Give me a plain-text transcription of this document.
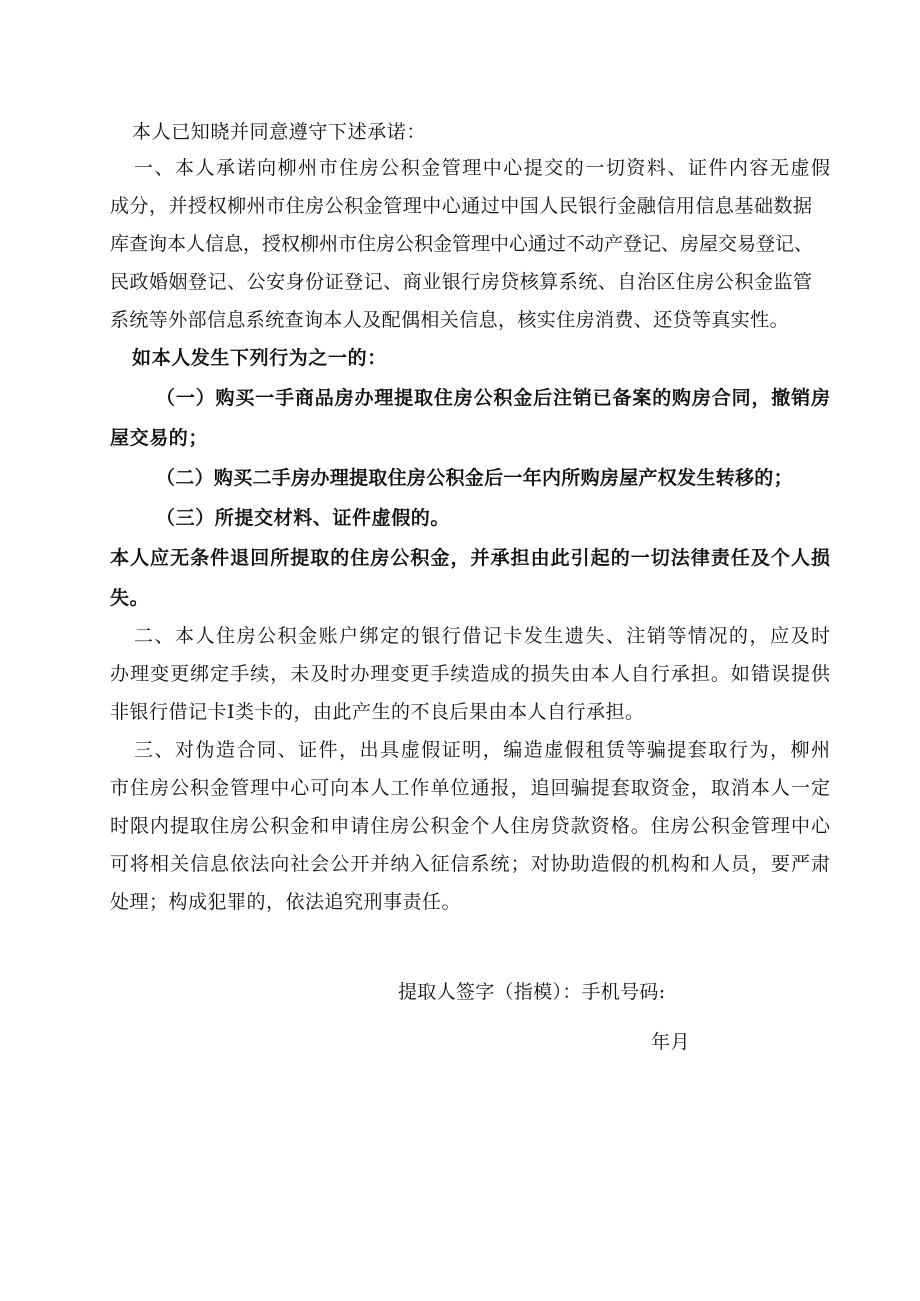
本人已知晓并同意遵守下述承诺：
一、本人承诺向柳州市住房公积金管理中心提交的一切资料、证件内容无虚假
成分，并授权柳州市住房公积金管理中心通过中国人民银行金融信用信息基础数据
库查询本人信息，授权柳州市住房公积金管理中心通过不动产登记、房屋交易登记、
民政婚姻登记、公安身份证登记、商业银行房贷核算系统、自治区住房公积金监管
系统等外部信息系统查询本人及配偶相关信息，核实住房消费、还贷等真实性。
如本人发生下列行为之一的：
（一）购买一手商品房办理提取住房公积金后注销已备案的购房合同，撤销房
屋交易的；
（二）购买二手房办理提取住房公积金后一年内所购房屋产权发生转移的；
（三）所提交材料、证件虚假的。
本人应无条件退回所提取的住房公积金，并承担由此引起的一切法律责任及个人损
失。
二、本人住房公积金账户绑定的银行借记卡发生遗失、注销等情况的，应及时
办理变更绑定手续，未及时办理变更手续造成的损失由本人自行承担。如错误提供
非银行借记卡Ⅰ类卡的，由此产生的不良后果由本人自行承担。
三、对伪造合同、证件，出具虚假证明，编造虚假租赁等骗提套取行为，柳州
市住房公积金管理中心可向本人工作单位通报，追回骗提套取资金，取消本人一定
时限内提取住房公积金和申请住房公积金个人住房贷款资格。住房公积金管理中心
可将相关信息依法向社会公开并纳入征信系统；对协助造假的机构和人员，要严肃
处理；构成犯罪的，依法追究刑事责任。
提取人签字（指模）：手机号码:
年月
